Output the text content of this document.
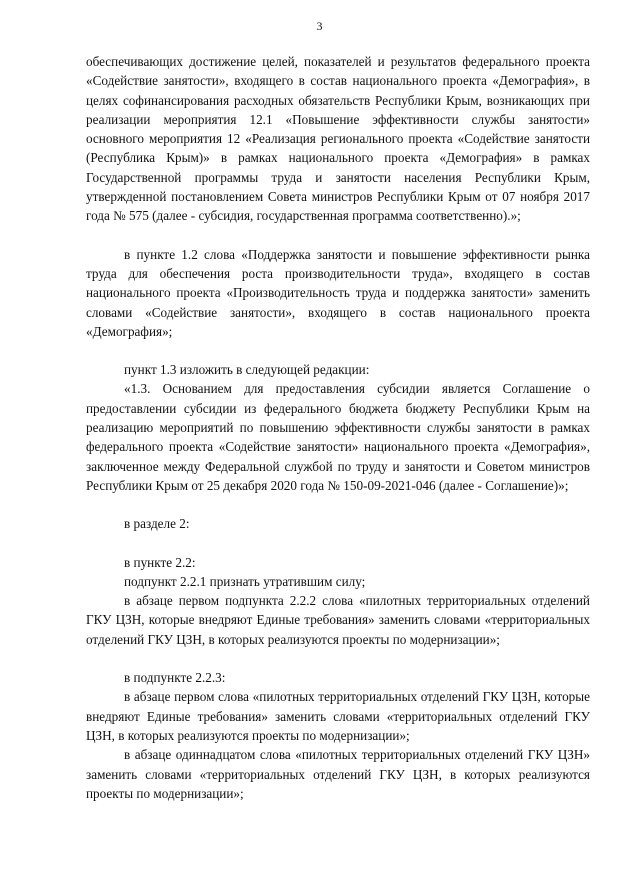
3

обеспечивающих достижение целей, показателей и результатов федерального проекта «Содействие занятости», входящего в состав национального проекта «Демография», в целях софинансирования расходных обязательств Республики Крым, возникающих при реализации мероприятия 12.1 «Повышение эффективности службы занятости» основного мероприятия 12 «Реализация регионального проекта «Содействие занятости (Республика Крым)» в рамках национального проекта «Демография» в рамках Государственной программы труда и занятости населения Республики Крым, утвержденной постановлением Совета министров Республики Крым от 07 ноября 2017 года № 575 (далее - субсидия, государственная программа соответственно).»;

в пункте 1.2 слова «Поддержка занятости и повышение эффективности рынка труда для обеспечения роста производительности труда», входящего в состав национального проекта «Производительность труда и поддержка занятости» заменить словами «Содействие занятости», входящего в состав национального проекта «Демография»;

пункт 1.3 изложить в следующей редакции:

«1.3. Основанием для предоставления субсидии является Соглашение о предоставлении субсидии из федерального бюджета бюджету Республики Крым на реализацию мероприятий по повышению эффективности службы занятости в рамках федерального проекта «Содействие занятости» национального проекта «Демография», заключенное между Федеральной службой по труду и занятости и Советом министров Республики Крым от 25 декабря 2020 года № 150-09-2021-046 (далее - Соглашение)»;

в разделе 2:

в пункте 2.2:

подпункт 2.2.1 признать утратившим силу;

в абзаце первом подпункта 2.2.2 слова «пилотных территориальных отделений ГКУ ЦЗН, которые внедряют Единые требования» заменить словами «территориальных отделений ГКУ ЦЗН, в которых реализуются проекты по модернизации»;

в подпункте 2.2.3:

в абзаце первом слова «пилотных территориальных отделений ГКУ ЦЗН, которые внедряют Единые требования» заменить словами «территориальных отделений ГКУ ЦЗН, в которых реализуются проекты по модернизации»;

в абзаце одиннадцатом слова «пилотных территориальных отделений ГКУ ЦЗН» заменить словами «территориальных отделений ГКУ ЦЗН, в которых реализуются проекты по модернизации»;
